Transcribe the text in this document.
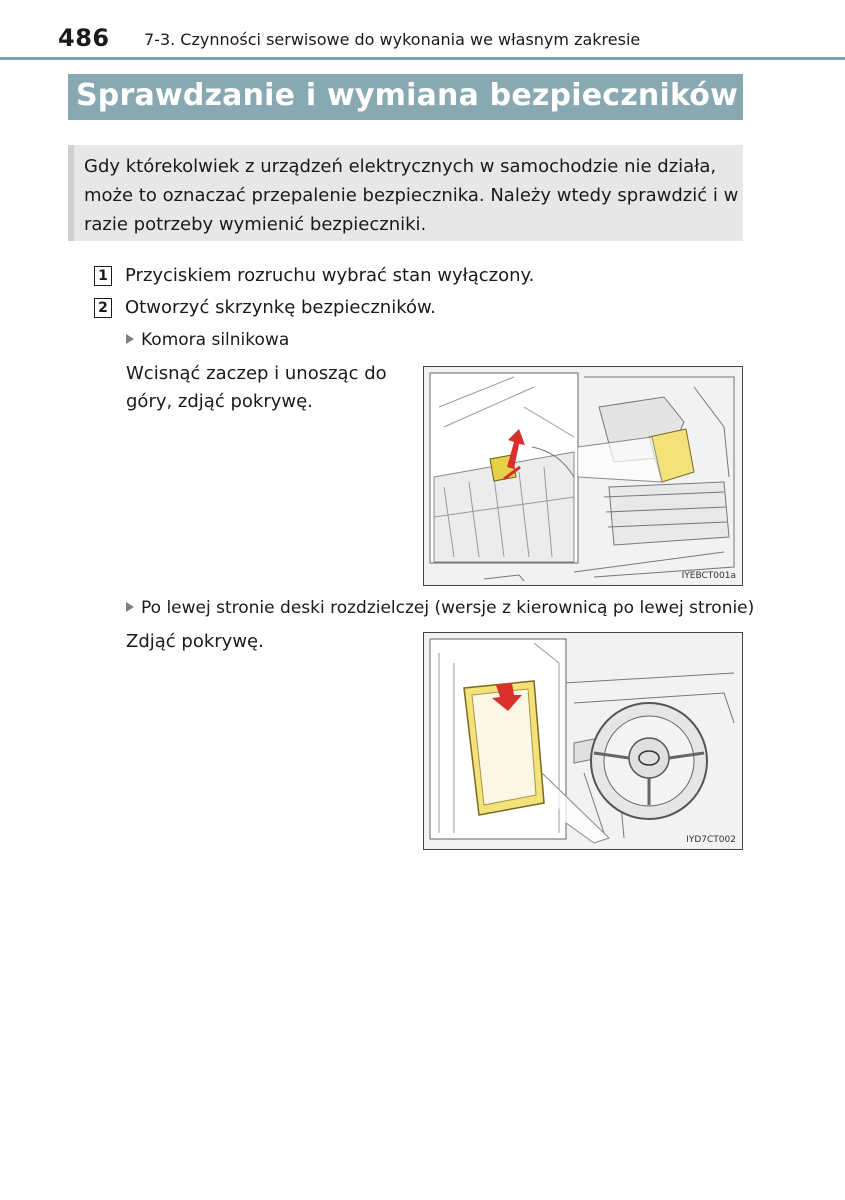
486 7-3. Czynności serwisowe do wykonania we własnym zakresie
Sprawdzanie i wymiana bezpieczników
Gdy którekolwiek z urządzeń elektrycznych w samochodzie nie działa, może to oznaczać przepalenie bezpiecznika. Należy wtedy sprawdzić i w razie potrzeby wymienić bezpieczniki.
1 Przyciskiem rozruchu wybrać stan wyłączony.
2 Otworzyć skrzynkę bezpieczników.
Komora silnikowa
Wcisnąć zaczep i unosząc do góry, zdjąć pokrywę.
IYEBCT001a
Po lewej stronie deski rozdzielczej (wersje z kierownicą po lewej stronie)
Zdjąć pokrywę.
IYD7CT002
